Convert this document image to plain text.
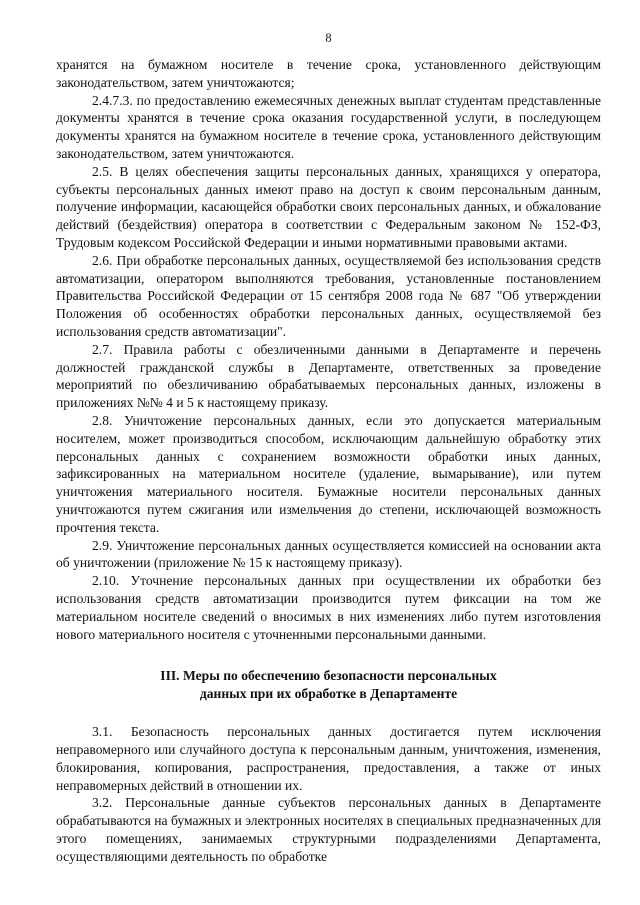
8

хранятся на бумажном носителе в течение срока, установленного действующим законодательством, затем уничтожаются;

2.4.7.3. по предоставлению ежемесячных денежных выплат студентам представленные документы хранятся в течение срока оказания государственной услуги, в последующем документы хранятся на бумажном носителе в течение срока, установленного действующим законодательством, затем уничтожаются.

2.5. В целях обеспечения защиты персональных данных, хранящихся у оператора, субъекты персональных данных имеют право на доступ к своим персональным данным, получение информации, касающейся обработки своих персональных данных, и обжалование действий (бездействия) оператора в соответствии с Федеральным законом № 152-ФЗ, Трудовым кодексом Российской Федерации и иными нормативными правовыми актами.

2.6. При обработке персональных данных, осуществляемой без использования средств автоматизации, оператором выполняются требования, установленные постановлением Правительства Российской Федерации от 15 сентября 2008 года № 687 "Об утверждении Положения об особенностях обработки персональных данных, осуществляемой без использования средств автоматизации".

2.7. Правила работы с обезличенными данными в Департаменте и перечень должностей гражданской службы в Департаменте, ответственных за проведение мероприятий по обезличиванию обрабатываемых персональных данных, изложены в приложениях №№ 4 и 5 к настоящему приказу.

2.8. Уничтожение персональных данных, если это допускается материальным носителем, может производиться способом, исключающим дальнейшую обработку этих персональных данных с сохранением возможности обработки иных данных, зафиксированных на материальном носителе (удаление, вымарывание), или путем уничтожения материального носителя. Бумажные носители персональных данных уничтожаются путем сжигания или измельчения до степени, исключающей возможность прочтения текста.

2.9. Уничтожение персональных данных осуществляется комиссией на основании акта об уничтожении (приложение № 15 к настоящему приказу).

2.10. Уточнение персональных данных при осуществлении их обработки без использования средств автоматизации производится путем фиксации на том же материальном носителе сведений о вносимых в них изменениях либо путем изготовления нового материального носителя с уточненными персональными данными.

III. Меры по обеспечению безопасности персональных
данных при их обработке в Департаменте

3.1. Безопасность персональных данных достигается путем исключения неправомерного или случайного доступа к персональным данным, уничтожения, изменения, блокирования, копирования, распространения, предоставления, а также от иных неправомерных действий в отношении их.

3.2. Персональные данные субъектов персональных данных в Департаменте обрабатываются на бумажных и электронных носителях в специальных предназначенных для этого помещениях, занимаемых структурными подразделениями Департамента, осуществляющими деятельность по обработке
